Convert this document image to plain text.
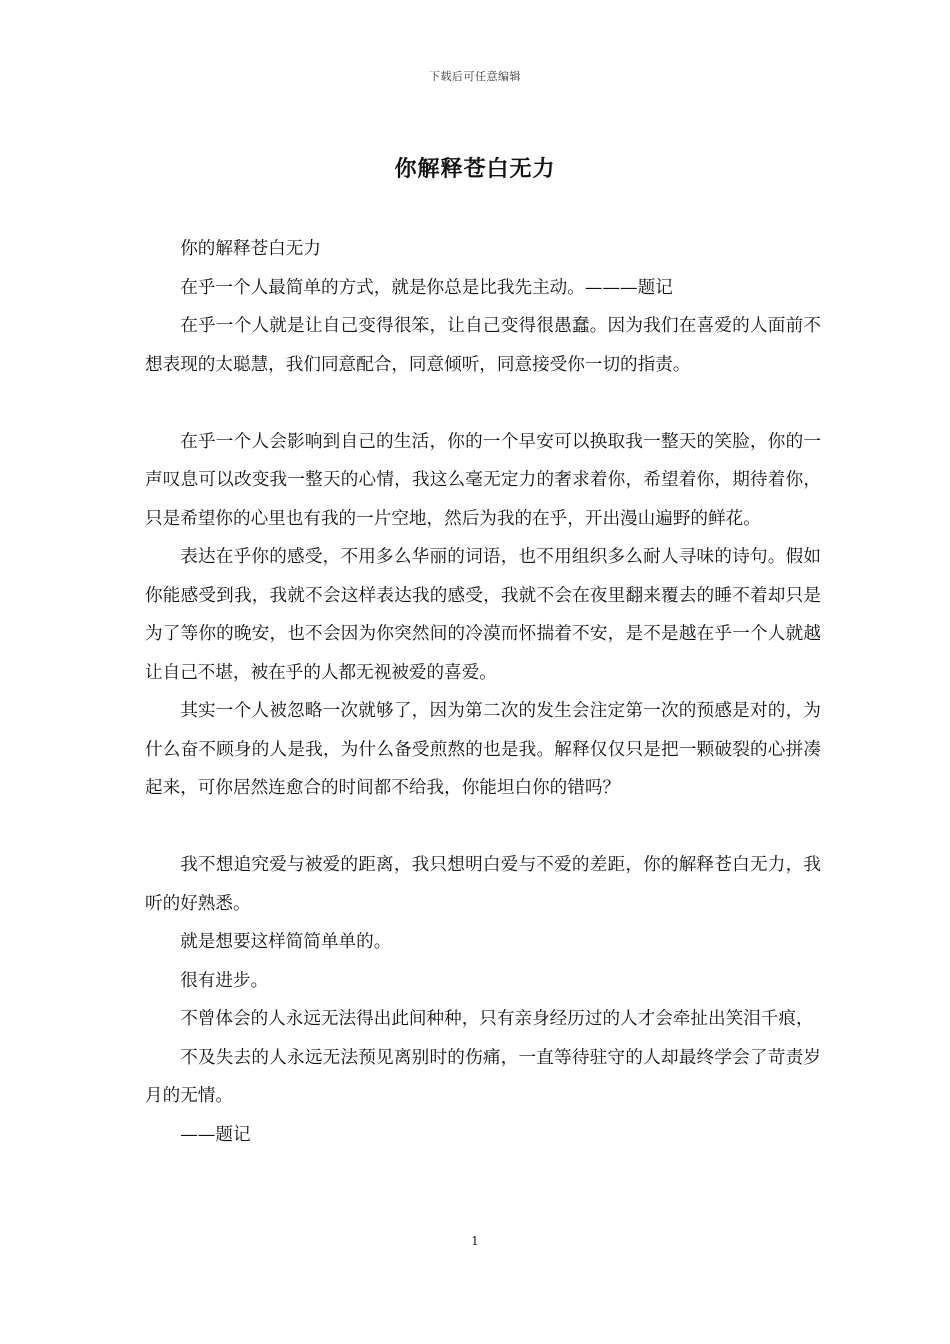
下载后可任意编辑
你解释苍白无力

你的解释苍白无力

在乎一个人最简单的方式，就是你总是比我先主动。———题记

在乎一个人就是让自己变得很笨，让自己变得很愚蠢。因为我们在喜爱的人面前不想表现的太聪慧，我们同意配合，同意倾听，同意接受你一切的指责。

在乎一个人会影响到自己的生活，你的一个早安可以换取我一整天的笑脸，你的一声叹息可以改变我一整天的心情，我这么毫无定力的奢求着你，希望着你，期待着你，只是希望你的心里也有我的一片空地，然后为我的在乎，开出漫山遍野的鲜花。

表达在乎你的感受，不用多么华丽的词语，也不用组织多么耐人寻味的诗句。假如你能感受到我，我就不会这样表达我的感受，我就不会在夜里翻来覆去的睡不着却只是为了等你的晚安，也不会因为你突然间的冷漠而怀揣着不安，是不是越在乎一个人就越让自己不堪，被在乎的人都无视被爱的喜爱。

其实一个人被忽略一次就够了，因为第二次的发生会注定第一次的预感是对的，为什么奋不顾身的人是我，为什么备受煎熬的也是我。解释仅仅只是把一颗破裂的心拼凑起来，可你居然连愈合的时间都不给我，你能坦白你的错吗？

我不想追究爱与被爱的距离，我只想明白爱与不爱的差距，你的解释苍白无力，我听的好熟悉。

就是想要这样简简单单的。

很有进步。

不曾体会的人永远无法得出此间种种，只有亲身经历过的人才会牵扯出笑泪千痕，

不及失去的人永远无法预见离别时的伤痛，一直等待驻守的人却最终学会了苛责岁月的无情。

——题记

1
